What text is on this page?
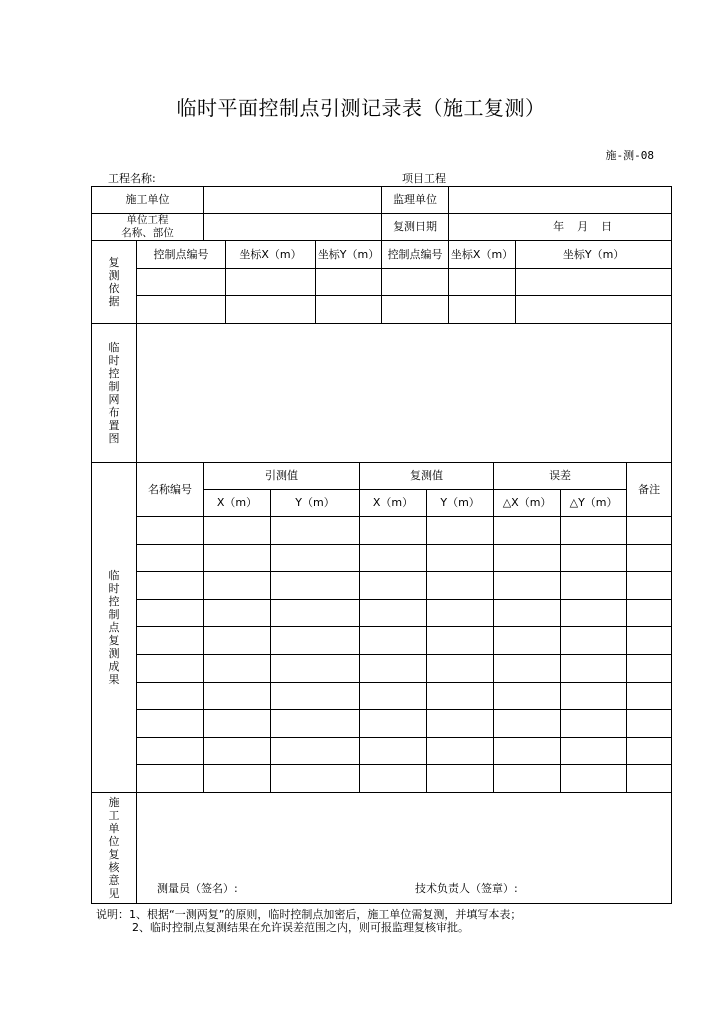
临时平面控制点引测记录表（施工复测）
施-测-08
工程名称:	项目工程
施工单位							监理单位						

单位工程
名称、部位							复测日期		年　月　日				
复测依据	控制点编号		坐标X（m）		坐标Y（m）		控制点编号		坐标X（m）		坐标Y（m）		

临时控制网布置图													
临时控制点复测成果	名称编号	引测值				复测值				误差			备注
		X（m）		Y（m）		X（m）		Y（m）		△X（m）		△Y（m）	

施工单位复核意见	测量员（签名）: 技术负责人（签章）:												
说明：1、根据“一测两复”的原则，临时控制点加密后，施工单位需复测，并填写本表；
2、临时控制点复测结果在允许误差范围之内，则可报监理复核审批。
